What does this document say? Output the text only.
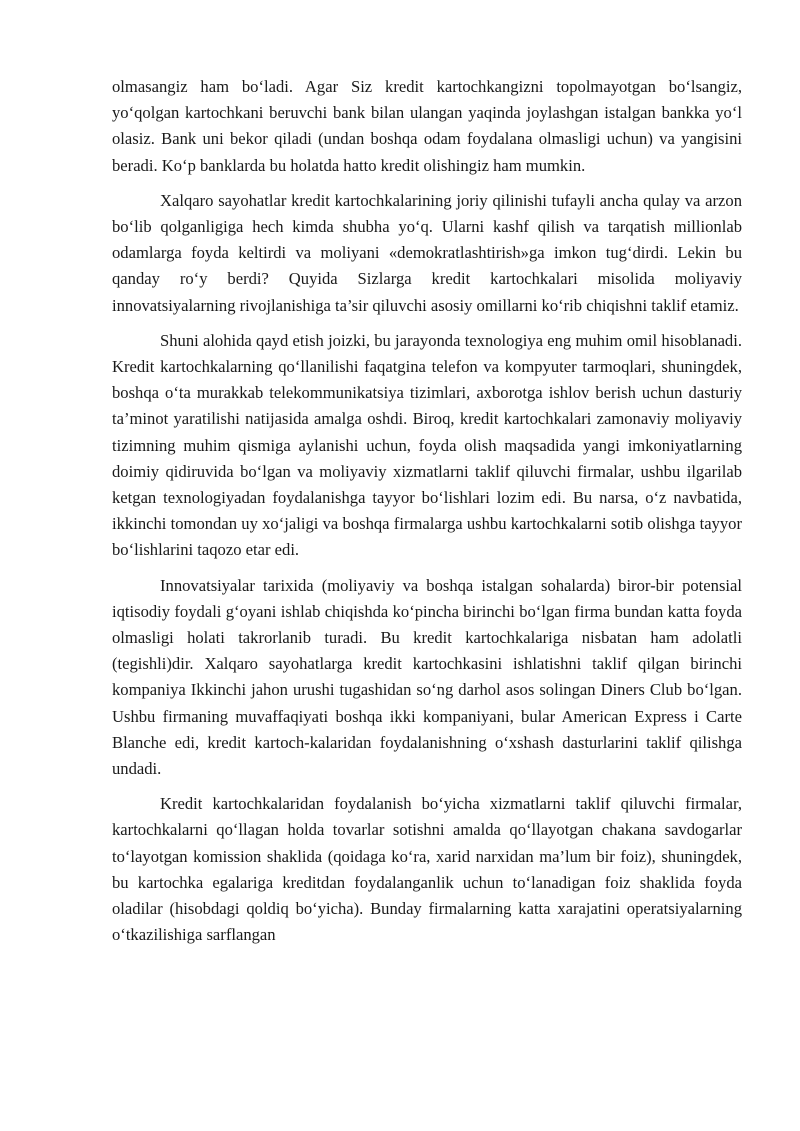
olmasangiz ham bo‘ladi. Agar Siz kredit kartochkangizni topolmayotgan bo‘lsangiz, yo‘qolgan kartochkani beruvchi bank bilan ulangan yaqinda joylashgan istalgan bankka yo‘l olasiz. Bank uni bekor qiladi (undan boshqa odam foydalana olmasligi uchun) va yangisini beradi. Ko‘p banklarda bu holatda hatto kredit olishingiz ham mumkin.

Xalqaro sayohatlar kredit kartochkalarining joriy qilinishi tufayli ancha qulay va arzon bo‘lib qolganligiga hech kimda shubha yo‘q. Ularni kashf qilish va tarqatish millionlab odamlarga foyda keltirdi va moliyani «demokratlashtirish»ga imkon tug‘dirdi. Lekin bu qanday ro‘y berdi? Quyida Sizlarga kredit kartochkalari misolida moliyaviy innovatsiyalarning rivojlanishiga ta’sir qiluvchi asosiy omillarni ko‘rib chiqishni taklif etamiz.

Shuni alohida qayd etish joizki, bu jarayonda texnologiya eng muhim omil hisoblanadi. Kredit kartochkalarning qo‘llanilishi faqatgina telefon va kompyuter tarmoqlari, shuningdek, boshqa o‘ta murakkab telekommunikatsiya tizimlari, axborotga ishlov berish uchun dasturiy ta’minot yaratilishi natijasida amalga oshdi. Biroq, kredit kartochkalari zamonaviy moliyaviy tizimning muhim qismiga aylanishi uchun, foyda olish maqsadida yangi imkoniyatlarning doimiy qidiruvida bo‘lgan va moliyaviy xizmatlarni taklif qiluvchi firmalar, ushbu ilgarilab ketgan texnologiyadan foydalanishga tayyor bo‘lishlari lozim edi. Bu narsa, o‘z navbatida, ikkinchi tomondan uy xo‘jaligi va boshqa firmalarga ushbu kartochkalarni sotib olishga tayyor bo‘lishlarini taqozo etar edi.

Innovatsiyalar tarixida (moliyaviy va boshqa istalgan sohalarda) biror-bir potensial iqtisodiy foydali g‘oyani ishlab chiqishda ko‘pincha birinchi bo‘lgan firma bundan katta foyda olmasligi holati takrorlanib turadi. Bu kredit kartochkalariga nisbatan ham adolatli (tegishli)dir. Xalqaro sayohatlarga kredit kartochkasini ishlatishni taklif qilgan birinchi kompaniya Ikkinchi jahon urushi tugashidan so‘ng darhol asos solingan Diners Club bo‘lgan. Ushbu firmaning muvaffaqiyati boshqa ikki kompaniyani, bular American Express i Carte Blanche edi, kredit kartoch-kalaridan foydalanishning o‘xshash dasturlarini taklif qilishga undadi.

Kredit kartochkalaridan foydalanish bo‘yicha xizmatlarni taklif qiluvchi firmalar, kartochkalarni qo‘llagan holda tovarlar sotishni amalda qo‘llayotgan chakana savdogarlar to‘layotgan komission shaklida (qoidaga ko‘ra, xarid narxidan ma’lum bir foiz), shuningdek, bu kartochka egalariga kreditdan foydalanganlik uchun to‘lanadigan foiz shaklida foyda oladilar (hisobdagi qoldiq bo‘yicha). Bunday firmalarning katta xarajatini operatsiyalarning o‘tkazilishiga sarflangan
